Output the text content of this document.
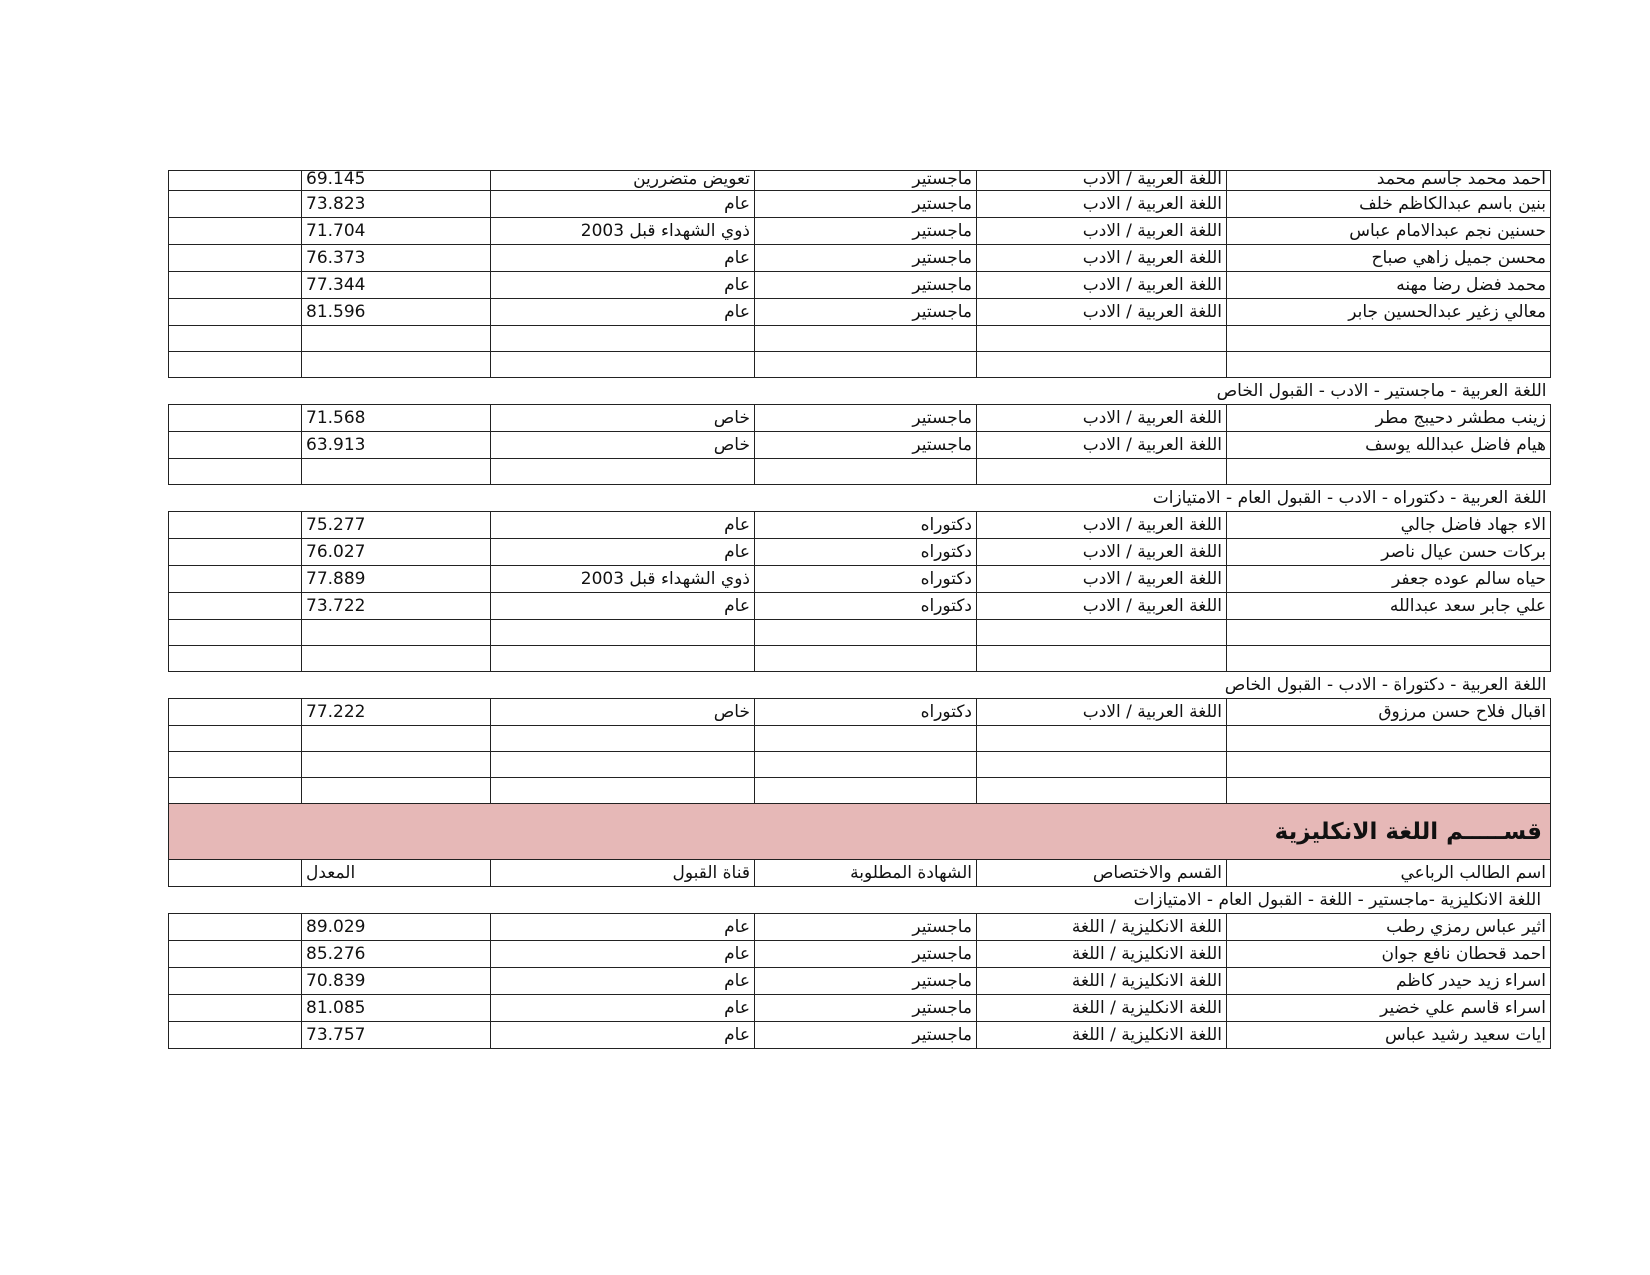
احمد محمد جاسم محمد	اللغة العربية / الادب	ماجستير	تعويض متضررين	69.145	
بنين باسم عبدالكاظم خلف	اللغة العربية / الادب	ماجستير	عام	73.823	
حسنين نجم عبدالامام عباس	اللغة العربية / الادب	ماجستير	ذوي الشهداء قبل 2003	71.704	
محسن جميل زاهي صباح	اللغة العربية / الادب	ماجستير	عام	76.373	
محمد فضل رضا مهنه	اللغة العربية / الادب	ماجستير	عام	77.344	
معالي زغير عبدالحسين جابر	اللغة العربية / الادب	ماجستير	عام	81.596	

اللغة العربية - ماجستير - الادب - القبول الخاص					
زينب مطشر دحيبج مطر	اللغة العربية / الادب	ماجستير	خاص	71.568	
هيام فاضل عبدالله يوسف	اللغة العربية / الادب	ماجستير	خاص	63.913	

اللغة العربية - دكتوراه - الادب - القبول العام - الامتيازات					
الاء جهاد فاضل جالي	اللغة العربية / الادب	دكتوراه	عام	75.277	
بركات حسن عيال ناصر	اللغة العربية / الادب	دكتوراه	عام	76.027	
حياه سالم عوده جعفر	اللغة العربية / الادب	دكتوراه	ذوي الشهداء قبل 2003	77.889	
علي جابر سعد عبدالله	اللغة العربية / الادب	دكتوراه	عام	73.722	

اللغة العربية - دكتوراة - الادب - القبول الخاص					
اقبال فلاح حسن مرزوق	اللغة العربية / الادب	دكتوراه	خاص	77.222	

قســـــم اللغة الانكليزية					
اسم الطالب الرباعي	القسم والاختصاص	الشهادة المطلوبة	قناة القبول	المعدل	
اللغة الانكليزية -ماجستير - اللغة - القبول العام - الامتيازات					
اثير عباس رمزي رطب	اللغة الانكليزية / اللغة	ماجستير	عام	89.029	
احمد قحطان نافع جوان	اللغة الانكليزية / اللغة	ماجستير	عام	85.276	
اسراء زيد حيدر كاظم	اللغة الانكليزية / اللغة	ماجستير	عام	70.839	
اسراء قاسم علي خضير	اللغة الانكليزية / اللغة	ماجستير	عام	81.085	
ايات سعيد رشيد عباس	اللغة الانكليزية / اللغة	ماجستير	عام	73.757	
